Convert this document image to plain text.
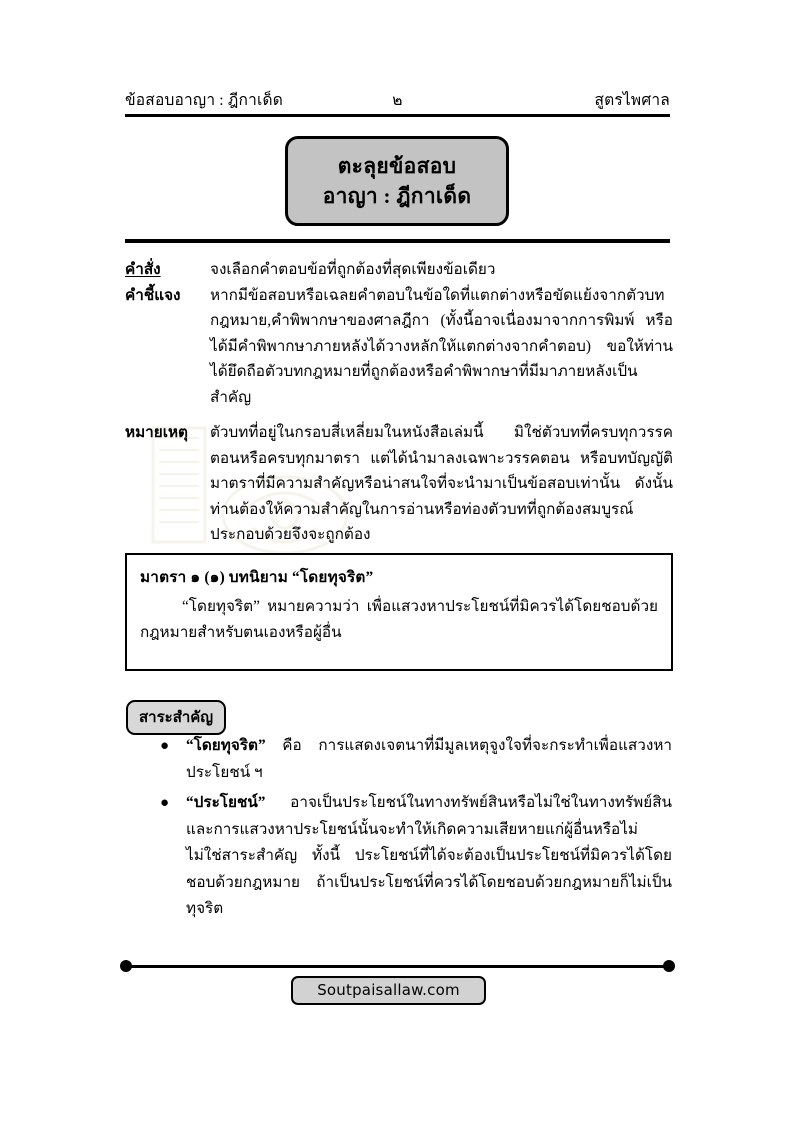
ข้อสอบอาญา : ฎีกาเด็ด	๒	สูตรไพศาล
ตะลุยข้อสอบ
อาญา : ฎีกาเด็ด
คำสั่ง	จงเลือกคำตอบข้อที่ถูกต้องที่สุดเพียงข้อเดียว
คำชี้แจง	หากมีข้อสอบหรือเฉลยคำตอบในข้อใดที่แตกต่างหรือขัดแย้งจากตัวบทกฎหมาย,คำพิพากษาของศาลฎีกา (ทั้งนี้อาจเนื่องมาจากการพิมพ์ หรือได้มีคำพิพากษาภายหลังได้วางหลักให้แตกต่างจากคำตอบ) ขอให้ท่านได้ยึดถือตัวบทกฎหมายที่ถูกต้องหรือคำพิพากษาที่มีมาภายหลังเป็นสำคัญ
หมายเหตุ	ตัวบทที่อยู่ในกรอบสี่เหลี่ยมในหนังสือเล่มนี้ มิใช่ตัวบทที่ครบทุกวรรคตอนหรือครบทุกมาตรา แต่ได้นำมาลงเฉพาะวรรคตอน หรือบทบัญญัติมาตราที่มีความสำคัญหรือน่าสนใจที่จะนำมาเป็นข้อสอบเท่านั้น ดังนั้น ท่านต้องให้ความสำคัญในการอ่านหรือท่องตัวบทที่ถูกต้องสมบูรณ์ประกอบด้วยจึงจะถูกต้อง
มาตรา ๑ (๑) บทนิยาม “โดยทุจริต”
“โดยทุจริต” หมายความว่า เพื่อแสวงหาประโยชน์ที่มิควรได้โดยชอบด้วยกฎหมายสำหรับตนเองหรือผู้อื่น
สาระสำคัญ
●	“โดยทุจริต” คือ การแสดงเจตนาที่มีมูลเหตุจูงใจที่จะกระทำเพื่อแสวงหาประโยชน์ ฯ
●	“ประโยชน์” อาจเป็นประโยชน์ในทางทรัพย์สินหรือไม่ใช่ในทางทรัพย์สิน และการแสวงหาประโยชน์นั้นจะทำให้เกิดความเสียหายแก่ผู้อื่นหรือไม่ ไม่ใช่สาระสำคัญ ทั้งนี้ ประโยชน์ที่ได้จะต้องเป็นประโยชน์ที่มิควรได้โดยชอบด้วยกฎหมาย ถ้าเป็นประโยชน์ที่ควรได้โดยชอบด้วยกฎหมายก็ไม่เป็นทุจริต
Soutpaisallaw.com
